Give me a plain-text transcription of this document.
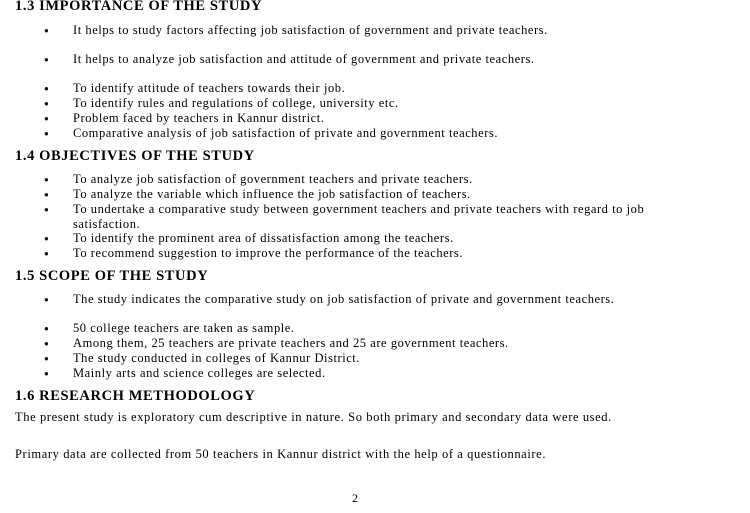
1.3 IMPORTANCE OF THE STUDY
● It helps to study factors affecting job satisfaction of government and private teachers.
● It helps to analyze job satisfaction and attitude of government and private teachers.
● To identify attitude of teachers towards their job.
● To identify rules and regulations of college, university etc.
● Problem faced by teachers in Kannur district.
● Comparative analysis of job satisfaction of private and government teachers.
1.4 OBJECTIVES OF THE STUDY
● To analyze job satisfaction of government teachers and private teachers.
● To analyze the variable which influence the job satisfaction of teachers.
● To undertake a comparative study between government teachers and private teachers with regard to job satisfaction.
● To identify the prominent area of dissatisfaction among the teachers.
● To recommend suggestion to improve the performance of the teachers.
1.5 SCOPE OF THE STUDY
● The study indicates the comparative study on job satisfaction of private and government teachers.
● 50 college teachers are taken as sample.
● Among them, 25 teachers are private teachers and 25 are government teachers.
● The study conducted in colleges of Kannur District.
● Mainly arts and science colleges are selected.
1.6 RESEARCH METHODOLOGY

The present study is exploratory cum descriptive in nature. So both primary and secondary data were used.

Primary data are collected from 50 teachers in Kannur district with the help of a questionnaire.

2
